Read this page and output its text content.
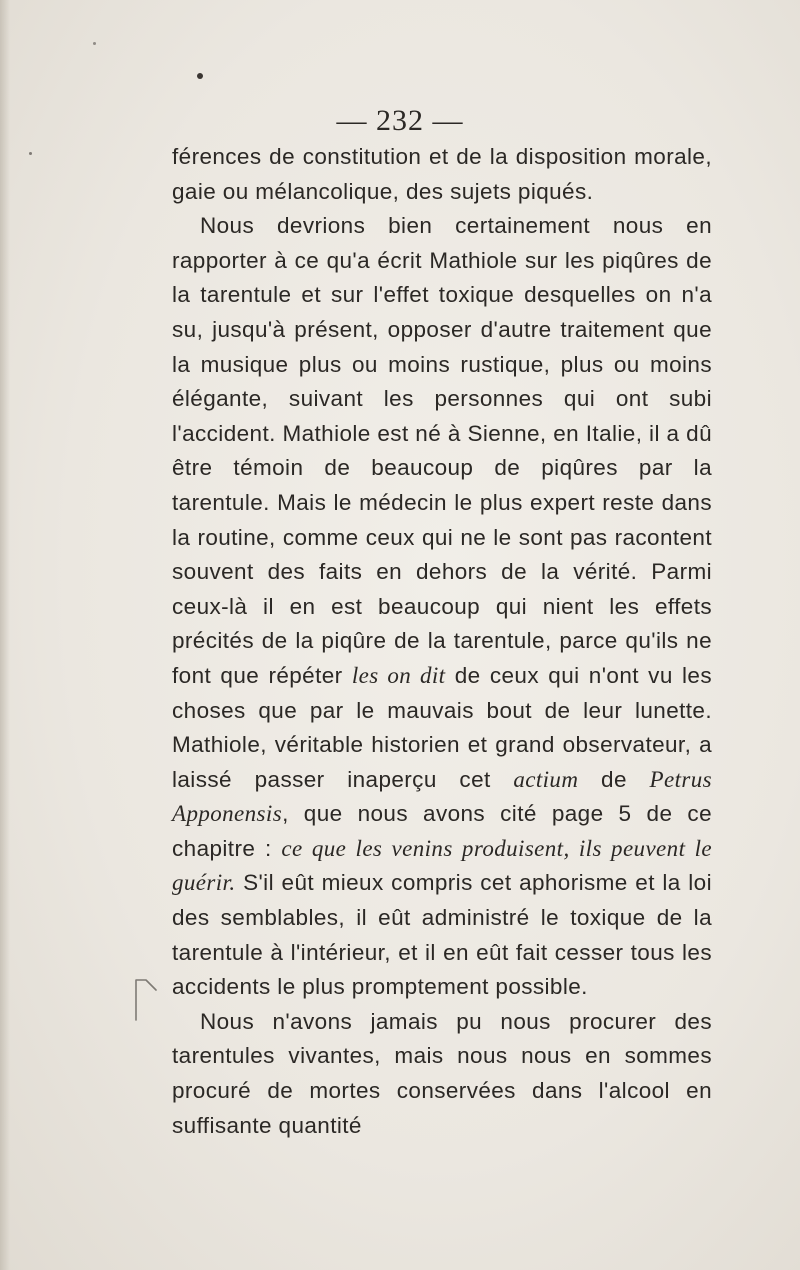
— 232 —

férences de constitution et de la disposition morale, gaie ou mélancolique, des sujets piqués.

Nous devrions bien certainement nous en rapporter à ce qu'a écrit Mathiole sur les piqûres de la tarentule et sur l'effet toxique desquelles on n'a su, jusqu'à présent, opposer d'autre traitement que la musique plus ou moins rustique, plus ou moins élégante, suivant les personnes qui ont subi l'accident. Mathiole est né à Sienne, en Italie, il a dû être témoin de beaucoup de piqûres par la tarentule. Mais le médecin le plus expert reste dans la routine, comme ceux qui ne le sont pas racontent souvent des faits en dehors de la vérité. Parmi ceux-là il en est beaucoup qui nient les effets précités de la piqûre de la tarentule, parce qu'ils ne font que répéter les on dit de ceux qui n'ont vu les choses que par le mauvais bout de leur lunette. Mathiole, véritable historien et grand observateur, a laissé passer inaperçu cet actium de Petrus Apponensis, que nous avons cité page 5 de ce chapitre : ce que les venins produisent, ils peuvent le guérir. S'il eût mieux compris cet aphorisme et la loi des semblables, il eût administré le toxique de la tarentule à l'intérieur, et il en eût fait cesser tous les accidents le plus promptement possible.

Nous n'avons jamais pu nous procurer des tarentules vivantes, mais nous nous en sommes procuré de mortes conservées dans l'alcool en suffisante quantité
